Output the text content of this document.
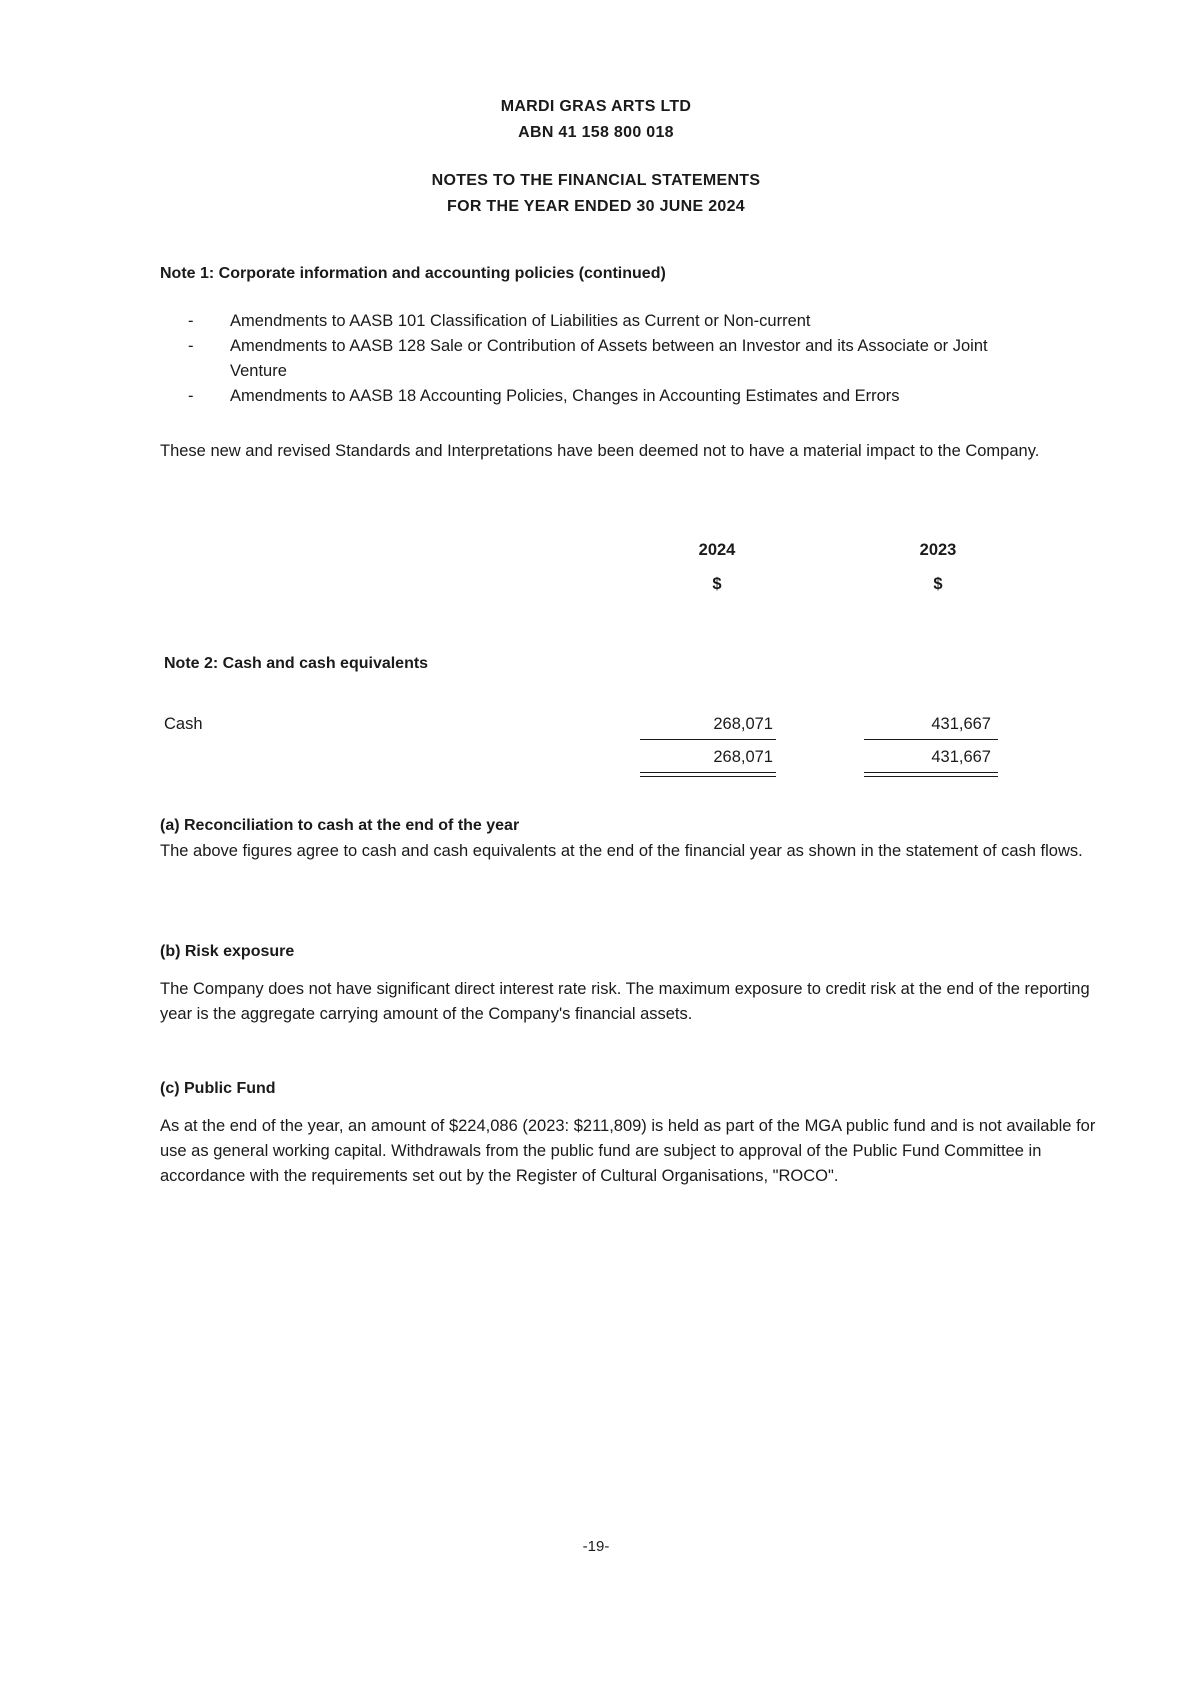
MARDI GRAS ARTS LTD
ABN 41 158 800 018
NOTES TO THE FINANCIAL STATEMENTS
FOR THE YEAR ENDED 30 JUNE 2024
Note 1: Corporate information and accounting policies (continued)
- Amendments to AASB 101 Classification of Liabilities as Current or Non-current
- Amendments to AASB 128 Sale or Contribution of Assets between an Investor and its Associate or Joint Venture
- Amendments to AASB 18 Accounting Policies, Changes in Accounting Estimates and Errors
These new and revised Standards and Interpretations have been deemed not to have a material impact to the Company.
2024	2023
$	$
Note 2: Cash and cash equivalents
Cash	268,071	431,667
268,071	431,667
(a) Reconciliation to cash at the end of the year
The above figures agree to cash and cash equivalents at the end of the financial year as shown in the statement of cash flows.
(b) Risk exposure
The Company does not have significant direct interest rate risk. The maximum exposure to credit risk at the end of the reporting year is the aggregate carrying amount of the Company's financial assets.
(c) Public Fund
As at the end of the year, an amount of $224,086 (2023: $211,809) is held as part of the MGA public fund and is not available for use as general working capital. Withdrawals from the public fund are subject to approval of the Public Fund Committee in accordance with the requirements set out by the Register of Cultural Organisations, "ROCO".
-19-
